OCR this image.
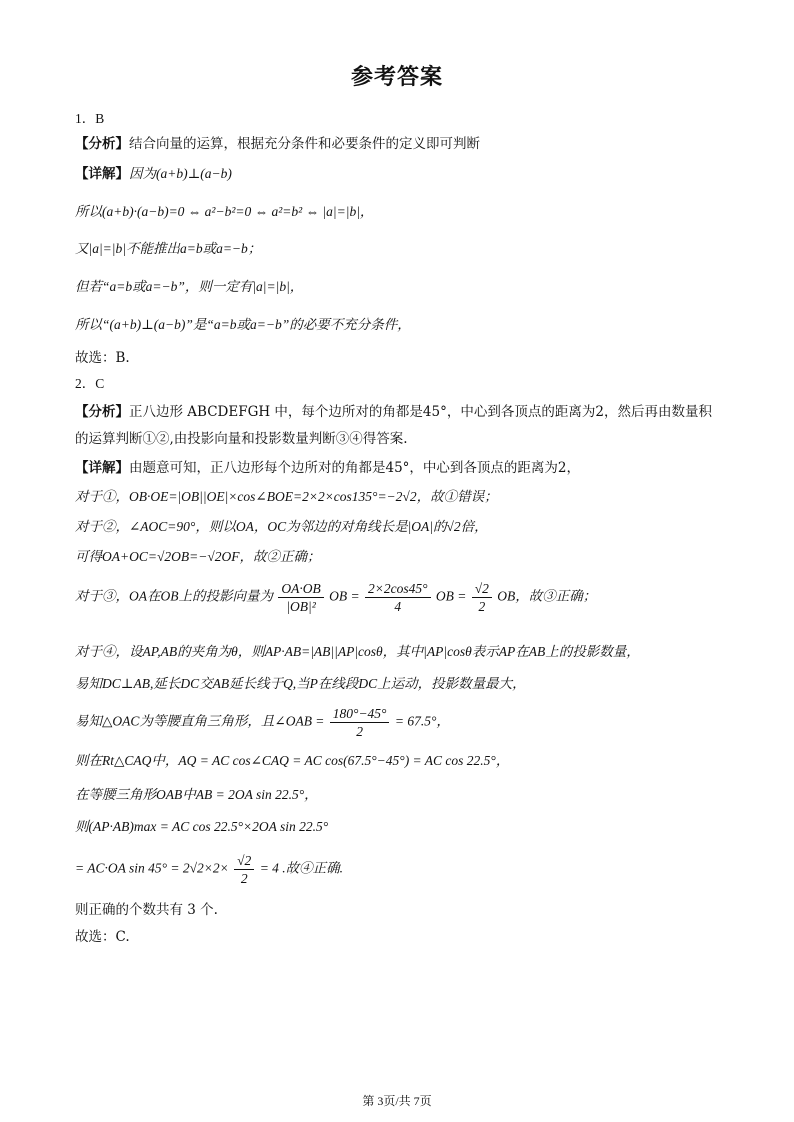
参考答案
1．B
【分析】结合向量的运算，根据充分条件和必要条件的定义即可判断
【详解】因为(a+b)⊥(a−b)
所以(a+b)·(a−b)=0 ⇔ a²−b²=0 ⇔ a²=b² ⇔ |a|=|b|，
又|a|=|b|不能推出a=b或a=−b；
但若“a=b或a=−b”，则一定有|a|=|b|，
所以“(a+b)⊥(a−b)”是“a=b或a=−b”的必要不充分条件，
故选：B.
2．C
【分析】正八边形 ABCDEFGH 中，每个边所对的角都是45°，中心到各顶点的距离为2，然后再由数量积
的运算判断①②,由投影向量和投影数量判断③④得答案.
【详解】由题意可知，正八边形每个边所对的角都是45°，中心到各顶点的距离为2，
对于①，OB·OE=|OB||OE|×cos∠BOE=2×2×cos135°=−2√2，故①错误；
对于②，∠AOC=90°，则以OA，OC为邻边的对角线长是|OA|的√2倍，
可得OA+OC=√2OB=−√2OF，故②正确；
对于③，OA在OB上的投影向量为 $\frac{OA\cdot OB}{\text{|OB|²}}$ OB = $\frac{2\times 2\cos 45^\circ}{4}$ OB = $\frac{√2}{2}$ OB，故③正确；
对于④，设AP,AB的夹角为θ，则AP·AB=|AB||AP|cosθ，其中|AP|cosθ表示AP在AB上的投影数量，
易知DC⊥AB,延长DC交AB延长线于Q,当P在线段DC上运动，投影数量最大，
易知△OAC为等腰直角三角形，且∠OAB = $\frac{180^\circ-45^\circ}{2} = 67.5^\circ$，
则在Rt△CAQ中，AQ = AC cos∠CAQ = AC cos(67.5°−45°) = AC cos 22.5°，
在等腰三角形OAB中AB = 2OA sin 22.5°，
则(AP·AB)max = AC cos 22.5°×2OA sin 22.5°
= AC·OA $\sin 45^\circ = 2√2\times 2\times \frac{√2}{2} = 4$ .故④正确.
则正确的个数共有 3 个.
故选：C.
第 3页/共 7页
